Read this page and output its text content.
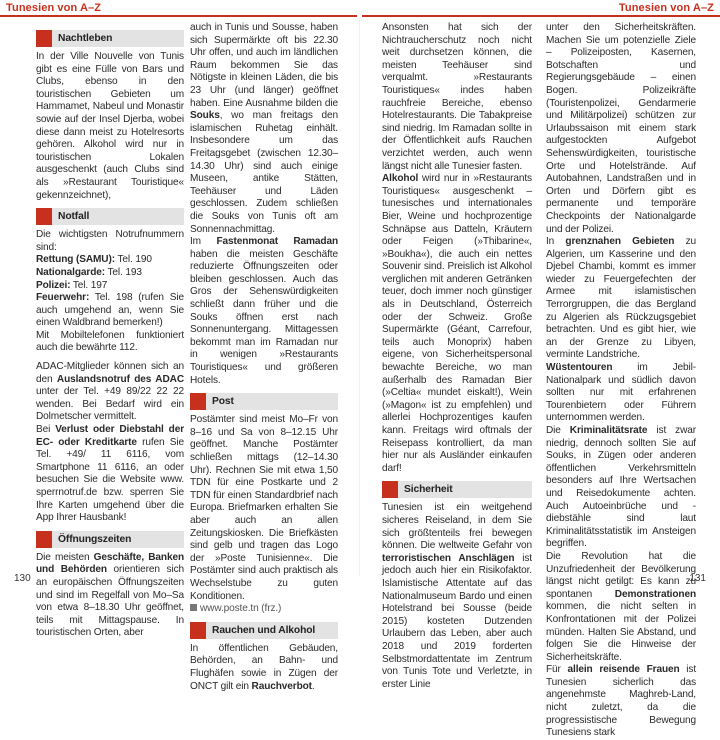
Tunesien von A–Z	Tunesien von A–Z
Nachtleben

In der Ville Nouvelle von Tunis gibt es eine Fülle von Bars und Clubs, ebenso in den touristischen Gebieten um Hammamet, Nabeul und Monastir sowie auf der Insel Djerba, wobei diese dann meist zu Hotelresorts gehören. Alkohol wird nur in touristischen Lokalen ausgeschenkt (auch Clubs sind als »Restaurant Touristique« gekennzeichnet),

Notfall

Die wichtigsten Notrufnummern sind:

Rettung (SAMU): Tel. 190

Nationalgarde: Tel. 193

Polizei: Tel. 197

Feuerwehr: Tel. 198 (rufen Sie auch umgehend an, wenn Sie einen Waldbrand bemerken!)

Mit Mobiltelefonen funktioniert auch die bewährte 112.

ADAC-Mitglieder können sich an den Auslandsnotruf des ADAC unter der Tel. +49 89/22 22 22 wenden. Bei Bedarf wird ein Dolmetscher vermittelt.

Bei Verlust oder Diebstahl der EC- oder Kreditkarte rufen Sie Tel. +49/ 11 6116, vom Smartphone 11 6116, an oder besuchen Sie die Website www. sperrnotruf.de bzw. sperren Sie Ihre Karten umgehend über die App Ihrer Hausbank!

Öffnungszeiten

Die meisten Geschäfte, Banken und Behörden orientieren sich an europäischen Öffnungszeiten und sind im Regelfall von Mo–Sa von etwa 8–18.30 Uhr geöffnet, teils mit Mittagspause. In touristischen Orten, aber

auch in Tunis und Sousse, haben sich Supermärkte oft bis 22.30 Uhr offen, und auch im ländlichen Raum bekommen Sie das Nötigste in kleinen Läden, die bis 23 Uhr (und länger) geöffnet haben. Eine Ausnahme bilden die Souks, wo man freitags den islamischen Ruhetag einhält. Insbesondere um das Freitagsgebet (zwischen 12.30–14.30 Uhr) sind auch einige Museen, antike Stätten, Teehäuser und Läden geschlossen. Zudem schließen die Souks von Tunis oft am Sonnennachmittag.

Im Fastenmonat Ramadan haben die meisten Geschäfte reduzierte Öffnungszeiten oder bleiben geschlossen. Auch das Gros der Sehenswürdigkeiten schließt dann früher und die Souks öffnen erst nach Sonnenuntergang. Mittagessen bekommt man im Ramadan nur in wenigen »Restaurants Touristiques« und größeren Hotels.

Post

Postämter sind meist Mo–Fr von 8–16 und Sa von 8–12.15 Uhr geöffnet. Manche Postämter schließen mittags (12–14.30 Uhr). Rechnen Sie mit etwa 1,50 TDN für eine Postkarte und 2 TDN für einen Standardbrief nach Europa. Briefmarken erhalten Sie aber auch an allen Zeitungskiosken. Die Briefkästen sind gelb und tragen das Logo der »Poste Tunisienne«. Die Postämter sind auch praktisch als Wechselstube zu guten Konditionen.

www.poste.tn (frz.)

Rauchen und Alkohol

In öffentlichen Gebäuden, Behörden, an Bahn- und Flughäfen sowie in Zügen der ONCT gilt ein Rauchverbot.

Ansonsten hat sich der Nichtraucherschutz noch nicht weit durchsetzen können, die meisten Teehäuser sind verqualmt. »Restaurants Touristiques« indes haben rauchfreie Bereiche, ebenso Hotelrestaurants. Die Tabakpreise sind niedrig. Im Ramadan sollte in der Öffentlichkeit aufs Rauchen verzichtet werden, auch wenn längst nicht alle Tunesier fasten.

Alkohol wird nur in »Restaurants Touristiques« ausgeschenkt – tunesisches und internationales Bier, Weine und hochprozentige Schnäpse aus Datteln, Kräutern oder Feigen (»Thibarine«, »Boukha«), die auch ein nettes Souvenir sind. Preislich ist Alkohol verglichen mit anderen Getränken teuer, doch immer noch günstiger als in Deutschland, Österreich oder der Schweiz. Große Supermärkte (Géant, Carrefour, teils auch Monoprix) haben eigene, von Sicherheitspersonal bewachte Bereiche, wo man außerhalb des Ramadan Bier (»Celtia« mundet eiskalt!), Wein (»Magon« ist zu empfehlen) und allerlei Hochprozentiges kaufen kann. Freitags wird oftmals der Reisepass kontrolliert, da man hier nur als Ausländer einkaufen darf!

Sicherheit

Tunesien ist ein weitgehend sicheres Reiseland, in dem Sie sich größtenteils frei bewegen können. Die weltweite Gefahr von terroristischen Anschlägen ist jedoch auch hier ein Risikofaktor. Islamistische Attentate auf das Nationalmuseum Bardo und einen Hotelstrand bei Sousse (beide 2015) kosteten Dutzenden Urlaubern das Leben, aber auch 2018 und 2019 forderten Selbstmordattentate im Zentrum von Tunis Tote und Verletzte, in erster Linie

unter den Sicherheitskräften. Machen Sie um potenzielle Ziele – Polizeiposten, Kasernen, Botschaften und Regierungsgebäude – einen Bogen. Polizeikräfte (Touristenpolizei, Gendarmerie und Militärpolizei) schützen zur Urlaubssaison mit einem stark aufgestockten Aufgebot Sehenswürdigkeiten, touristische Orte und Hotelstrände. Auf Autobahnen, Landstraßen und in Orten und Dörfern gibt es permanente und temporäre Checkpoints der Nationalgarde und der Polizei.

In grenznahen Gebieten zu Algerien, um Kasserine und den Djebel Chambi, kommt es immer wieder zu Feuergefechten der Armee mit islamistischen Terrorgruppen, die das Bergland zu Algerien als Rückzugsgebiet betrachten. Und es gibt hier, wie an der Grenze zu Libyen, verminte Landstriche.

Wüstentouren im Jebil-Nationalpark und südlich davon sollten nur mit erfahrenen Tourenbietern oder Führern unternommen werden.

Die Kriminalitätsrate ist zwar niedrig, dennoch sollten Sie auf Souks, in Zügen oder anderen öffentlichen Verkehrsmitteln besonders auf Ihre Wertsachen und Reisedokumente achten. Auch Autoeinbrüche und -diebstähle sind laut Kriminalitätsstatistik im Ansteigen begriffen.

Die Revolution hat die Unzufriedenheit der Bevölkerung längst nicht getilgt: Es kann zu spontanen Demonstrationen kommen, die nicht selten in Konfrontationen mit der Polizei münden. Halten Sie Abstand, und folgen Sie die Hinweise der Sicherheitskräfte.

Für allein reisende Frauen ist Tunesien sicherlich das angenehmste Maghreb-Land, nicht zuletzt, da die progressistische Bewegung Tunesiens stark

130	131
